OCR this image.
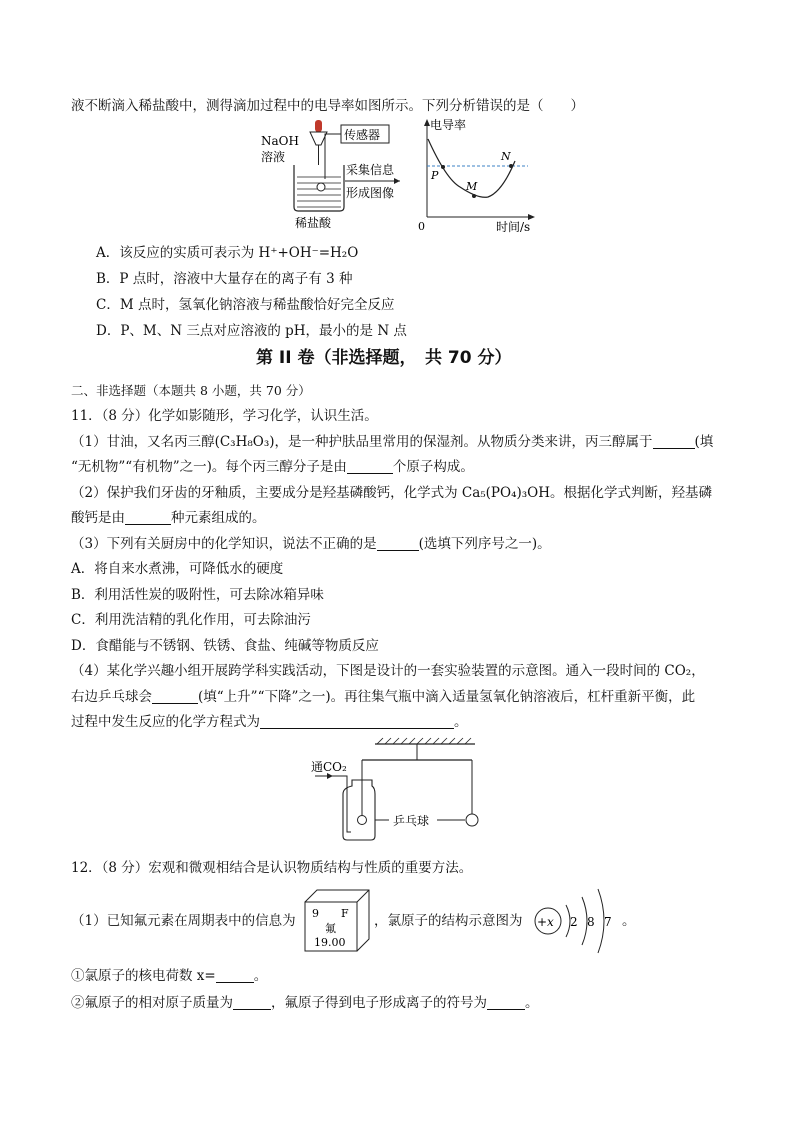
液不断滴入稀盐酸中，测得滴加过程中的电导率如图所示。下列分析错误的是（　　）
NaOH
溶液
传感器
稀盐酸
采集信息
形成图像
电导率
0	时间/s
P
M
N
A．该反应的实质可表示为 H⁺+OH⁻=H₂O
B．P 点时，溶液中大量存在的离子有 3 种
C．M 点时，氢氧化钠溶液与稀盐酸恰好完全反应
D．P、M、N 三点对应溶液的 pH，最小的是 N 点
第 II 卷（非选择题，　共 70 分）
二、非选择题（本题共 8 小题，共 70 分）
11．（8 分）化学如影随形，学习化学，认识生活。
（1）甘油，又名丙三醇(C₃H₈O₃)，是一种护肤品里常用的保湿剂。从物质分类来讲，丙三醇属于	(填
“无机物”“有机物”之一)。每个丙三醇分子是由	个原子构成。
（2）保护我们牙齿的牙釉质，主要成分是羟基磷酸钙，化学式为 Ca₅(PO₄)₃OH。根据化学式判断，羟基磷
酸钙是由	种元素组成的。
（3）下列有关厨房中的化学知识，说法不正确的是	(选填下列序号之一)。
A．将自来水煮沸，可降低水的硬度
B．利用活性炭的吸附性，可去除冰箱异味
C．利用洗洁精的乳化作用，可去除油污
D．食醋能与不锈钢、铁锈、食盐、纯碱等物质反应
（4）某化学兴趣小组开展跨学科实践活动，下图是设计的一套实验装置的示意图。通入一段时间的 CO₂，
右边乒乓球会	(填“上升”“下降”之一)。再往集气瓶中滴入适量氢氧化钠溶液后，杠杆重新平衡，此
过程中发生反应的化学方程式为	。
通CO₂
乒乓球
12．（8 分）宏观和微观相结合是认识物质结构与性质的重要方法。
（1）已知氟元素在周期表中的信息为 9 F
氟
19.00
，氯原子的结构示意图为 +x 2 8 7 。
①氯原子的核电荷数 x=	。
②氟原子的相对原子质量为	，氟原子得到电子形成离子的符号为	。
